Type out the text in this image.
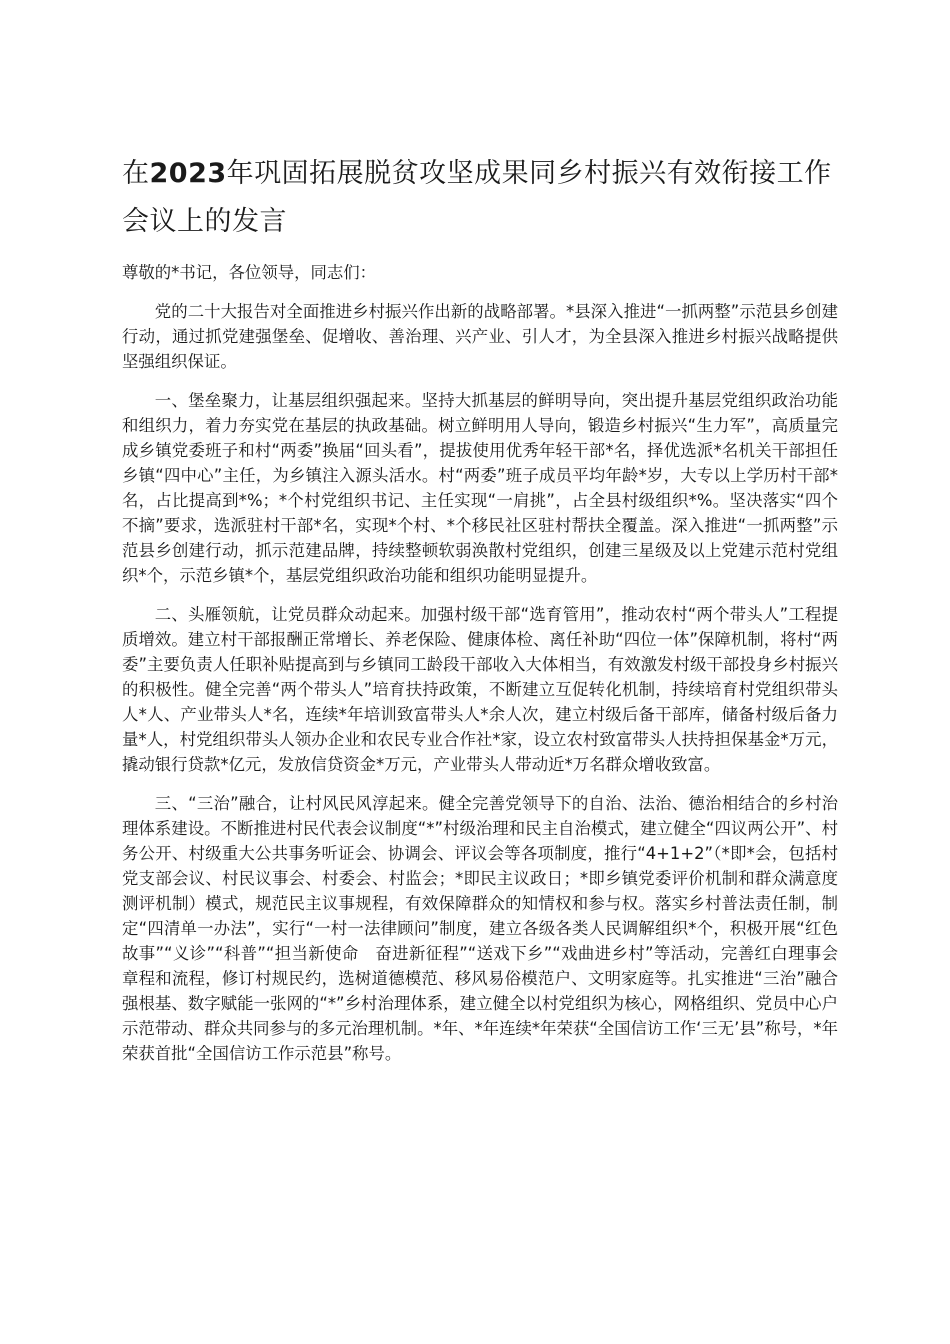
在2023年巩固拓展脱贫攻坚成果同乡村振兴有效衔接工作会议上的发言

尊敬的*书记，各位领导，同志们：

党的二十大报告对全面推进乡村振兴作出新的战略部署。*县深入推进“一抓两整”示范县乡创建行动，通过抓党建强堡垒、促增收、善治理、兴产业、引人才，为全县深入推进乡村振兴战略提供坚强组织保证。

一、堡垒聚力，让基层组织强起来。坚持大抓基层的鲜明导向，突出提升基层党组织政治功能和组织力，着力夯实党在基层的执政基础。树立鲜明用人导向，锻造乡村振兴“生力军”，高质量完成乡镇党委班子和村“两委”换届“回头看”，提拔使用优秀年轻干部*名，择优选派*名机关干部担任乡镇“四中心”主任，为乡镇注入源头活水。村“两委”班子成员平均年龄*岁，大专以上学历村干部*名，占比提高到*%；*个村党组织书记、主任实现“一肩挑”，占全县村级组织*%。坚决落实“四个不摘”要求，选派驻村干部*名，实现*个村、*个移民社区驻村帮扶全覆盖。深入推进“一抓两整”示范县乡创建行动，抓示范建品牌，持续整顿软弱涣散村党组织，创建三星级及以上党建示范村党组织*个，示范乡镇*个，基层党组织政治功能和组织功能明显提升。

二、头雁领航，让党员群众动起来。加强村级干部“选育管用”，推动农村“两个带头人”工程提质增效。建立村干部报酬正常增长、养老保险、健康体检、离任补助“四位一体”保障机制，将村“两委”主要负责人任职补贴提高到与乡镇同工龄段干部收入大体相当，有效激发村级干部投身乡村振兴的积极性。健全完善“两个带头人”培育扶持政策，不断建立互促转化机制，持续培育村党组织带头人*人、产业带头人*名，连续*年培训致富带头人*余人次，建立村级后备干部库，储备村级后备力量*人，村党组织带头人领办企业和农民专业合作社*家，设立农村致富带头人扶持担保基金*万元，撬动银行贷款*亿元，发放信贷资金*万元，产业带头人带动近*万名群众增收致富。

三、“三治”融合，让村风民风淳起来。健全完善党领导下的自治、法治、德治相结合的乡村治理体系建设。不断推进村民代表会议制度“*”村级治理和民主自治模式，建立健全“四议两公开”、村务公开、村级重大公共事务听证会、协调会、评议会等各项制度，推行“4+1+2”（*即*会，包括村党支部会议、村民议事会、村委会、村监会；*即民主议政日；*即乡镇党委评价机制和群众满意度测评机制）模式，规范民主议事规程，有效保障群众的知情权和参与权。落实乡村普法责任制，制定“四清单一办法”，实行“一村一法律顾问”制度，建立各级各类人民调解组织*个，积极开展“红色故事”“义诊”“科普”“担当新使命　奋进新征程”“送戏下乡”“戏曲进乡村”等活动，完善红白理事会章程和流程，修订村规民约，选树道德模范、移风易俗模范户、文明家庭等。扎实推进“三治”融合强根基、数字赋能一张网的“*”乡村治理体系，建立健全以村党组织为核心，网格组织、党员中心户示范带动、群众共同参与的多元治理机制。*年、*年连续*年荣获“全国信访工作‘三无’县”称号，*年荣获首批“全国信访工作示范县”称号。
